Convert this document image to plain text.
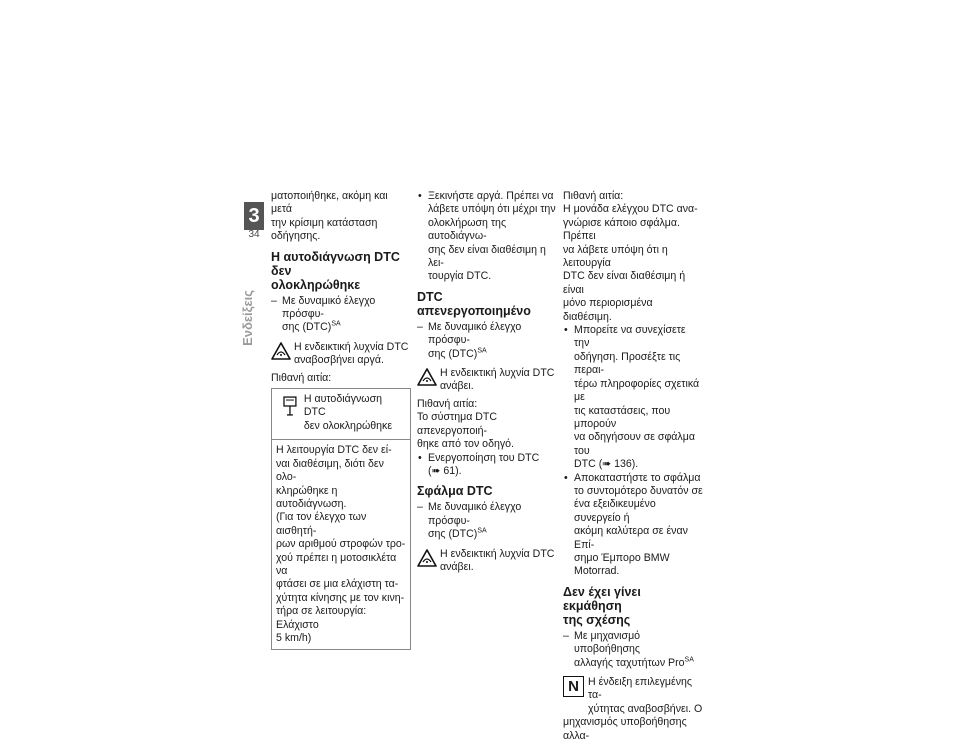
3
34
Ενδείξεις

ματοποιήθηκε, ακόμη και μετά

την κρίσιμη κατάσταση οδήγησης.

Η αυτοδιάγνωση DTC δεν
ολοκληρώθηκε
– Με δυναμικό έλεγχο πρόσφυ-
σης (DTC)$^{SA}$
Η ενδεικτική λυχνία DTC
αναβοσβήνει αργά.

Πιθανή αιτία:

Η αυτοδιάγνωση DTC
δεν ολοκληρώθηκε
Η λειτουργία DTC δεν εί-
ναι διαθέσιμη, διότι δεν ολο-
κληρώθηκε η αυτοδιάγνωση.
(Για τον έλεγχο των αισθητή-
ρων αριθμού στροφών τρο-
χού πρέπει η μοτοσικλέτα να
φτάσει σε μια ελάχιστη τα-
χύτητα κίνησης με τον κινη-
τήρα σε λειτουργία: Ελάχιστο
5 km/h)
• Ξεκινήστε αργά. Πρέπει να
λάβετε υπόψη ότι μέχρι την
ολοκλήρωση της αυτοδιάγνω-
σης δεν είναι διαθέσιμη η λει-
τουργία DTC.
DTC απενεργοποιημένο
– Με δυναμικό έλεγχο πρόσφυ-
σης (DTC)$^{SA}$
Η ενδεικτική λυχνία DTC
ανάβει.

Πιθανή αιτία:

Το σύστημα DTC απενεργοποιή-

θηκε από τον οδηγό.

• Ενεργοποίηση του DTC
(➠ 61).
Σφάλμα DTC
– Με δυναμικό έλεγχο πρόσφυ-
σης (DTC)$^{SA}$
Η ενδεικτική λυχνία DTC
ανάβει.

Πιθανή αιτία:

Η μονάδα ελέγχου DTC ανα-

γνώρισε κάποιο σφάλμα. Πρέπει

να λάβετε υπόψη ότι η λειτουργία

DTC δεν είναι διαθέσιμη ή είναι

μόνο περιορισμένα διαθέσιμη.

• Μπορείτε να συνεχίσετε την
οδήγηση. Προσέξτε τις περαι-
τέρω πληροφορίες σχετικά με
τις καταστάσεις, που μπορούν
να οδηγήσουν σε σφάλμα του
DTC (➠ 136).
• Αποκαταστήστε το σφάλμα
το συντομότερο δυνατόν σε
ένα εξειδικευμένο συνεργείο ή
ακόμη καλύτερα σε έναν Επί-
σημο Έμπορο BMW Motorrad.
Δεν έχει γίνει εκμάθηση
της σχέσης
– Με μηχανισμό υποβοήθησης
αλλαγής ταχυτήτων Pro$^{SA}$
N Η ένδειξη επιλεγμένης τα-
χύτητας αναβοσβήνει. Ο

μηχανισμός υποβοήθησης αλλα-
